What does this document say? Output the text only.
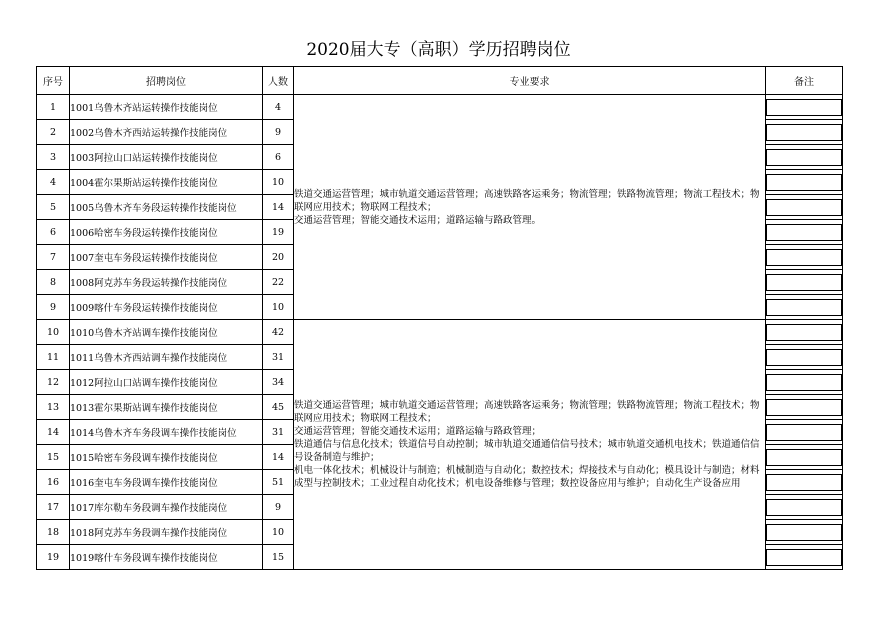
2020届大专（高职）学历招聘岗位
序号	招聘岗位	人数	专业要求	备注
1	1001乌鲁木齐站运转操作技能岗位	4	铁道交通运营管理；城市轨道交通运营管理；高速铁路客运乘务；物流管理；铁路物流管理；物流工程技术；物联网应用技术；物联网工程技术；
交通运营管理；智能交通技术运用；道路运输与路政管理。	

2	1002乌鲁木齐西站运转操作技能岗位	9		

3	1003阿拉山口站运转操作技能岗位	6		

4	1004霍尔果斯站运转操作技能岗位	10		

5	1005乌鲁木齐车务段运转操作技能岗位	14		

6	1006哈密车务段运转操作技能岗位	19		

7	1007奎屯车务段运转操作技能岗位	20		

8	1008阿克苏车务段运转操作技能岗位	22		

9	1009喀什车务段运转操作技能岗位	10		

10	1010乌鲁木齐站调车操作技能岗位	42	铁道交通运营管理；城市轨道交通运营管理；高速铁路客运乘务；物流管理；铁路物流管理；物流工程技术；物联网应用技术；物联网工程技术；
交通运营管理；智能交通技术运用；道路运输与路政管理；
铁道通信与信息化技术；铁道信号自动控制；城市轨道交通通信信号技术；城市轨道交通机电技术；铁道通信信号设备制造与维护；
机电一体化技术；机械设计与制造；机械制造与自动化；数控技术；焊接技术与自动化；模具设计与制造；材料成型与控制技术；工业过程自动化技术；机电设备维修与管理；数控设备应用与维护；自动化生产设备应用	

11	1011乌鲁木齐西站调车操作技能岗位	31		

12	1012阿拉山口站调车操作技能岗位	34		

13	1013霍尔果斯站调车操作技能岗位	45		

14	1014乌鲁木齐车务段调车操作技能岗位	31		

15	1015哈密车务段调车操作技能岗位	14		

16	1016奎屯车务段调车操作技能岗位	51		

17	1017库尔勒车务段调车操作技能岗位	9		

18	1018阿克苏车务段调车操作技能岗位	10		

19	1019喀什车务段调车操作技能岗位	15		
